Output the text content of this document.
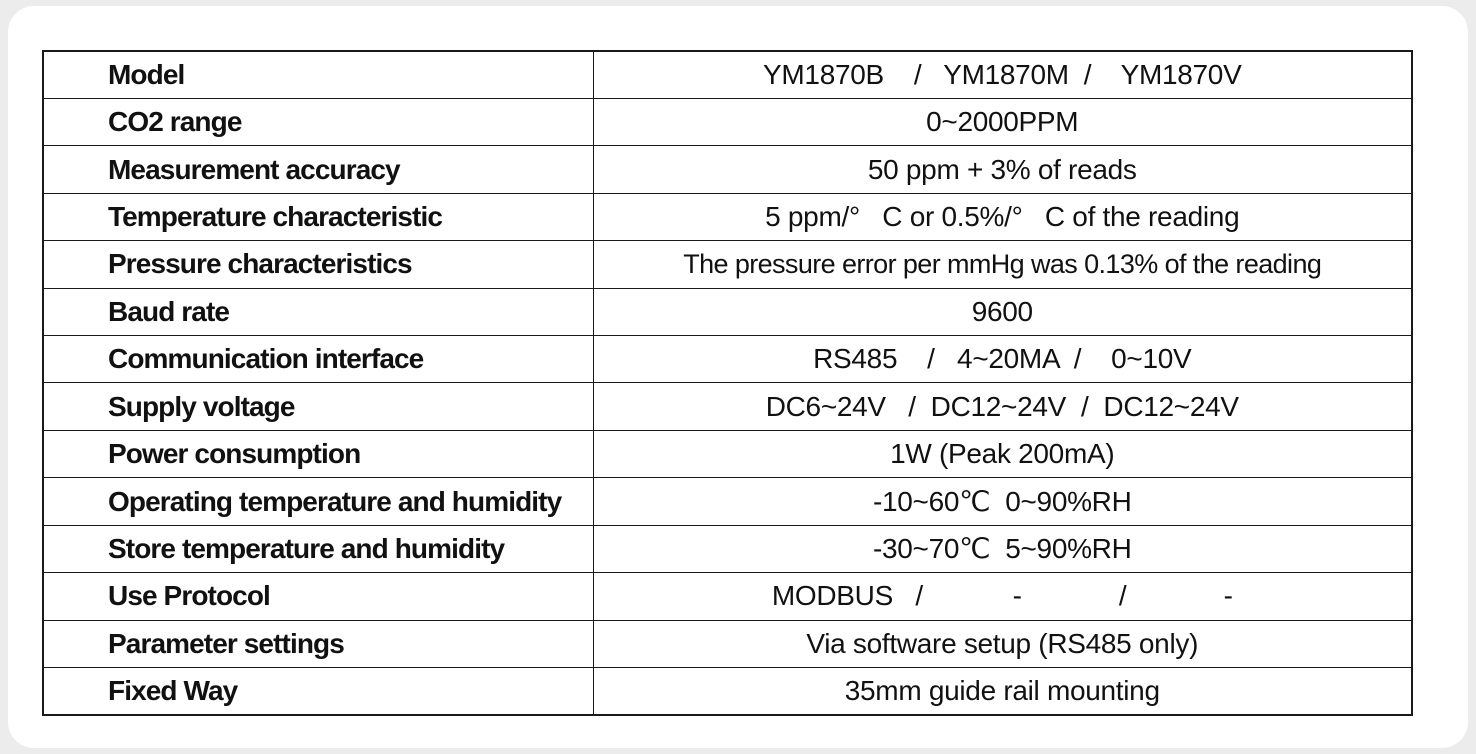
Model	YM1870B    /   YM1870M  /    YM1870V
CO2 range	0~2000PPM
Measurement accuracy	50 ppm + 3% of reads
Temperature characteristic	5 ppm/°   C or 0.5%/°   C of the reading
Pressure characteristics	The pressure error per mmHg was 0.13% of the reading
Baud rate	9600
Communication interface	RS485    /   4~20MA  /    0~10V
Supply voltage	DC6~24V   /  DC12~24V  /  DC12~24V
Power consumption	1W (Peak 200mA)
Operating temperature and humidity	-10~60℃  0~90%RH
Store temperature and humidity	-30~70℃  5~90%RH
Use Protocol	MODBUS   /            -             /             -
Parameter settings	Via software setup (RS485 only)
Fixed Way	35mm guide rail mounting
